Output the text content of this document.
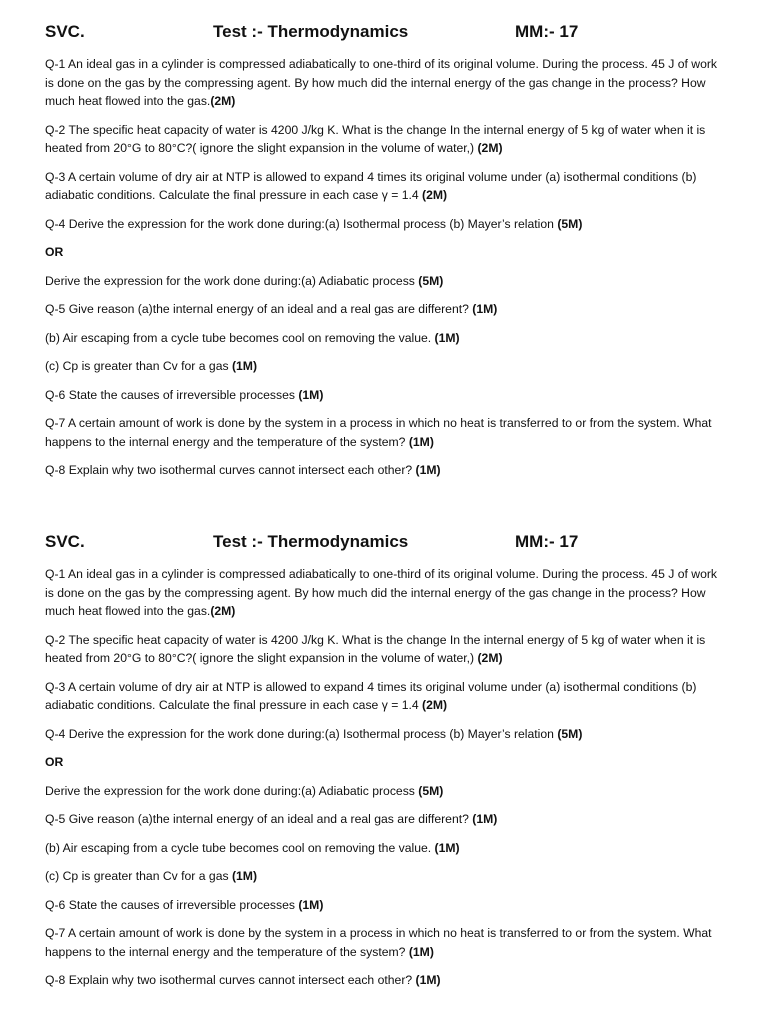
SVC.	Test :- Thermodynamics	MM:- 17

Q-1 An ideal gas in a cylinder is compressed adiabatically to one-third of its original volume. During the process. 45 J of work is done on the gas by the compressing agent. By how much did the internal energy of the gas change in the process? How much heat flowed into the gas.(2M)

Q-2 The specific heat capacity of water is 4200 J/kg K. What is the change In the internal energy of 5 kg of water when it is heated from 20°G to 80°C?( ignore the slight expansion in the volume of water,) (2M)

Q-3 A certain volume of dry air at NTP is allowed to expand 4 times its original volume under (a) isothermal conditions (b) adiabatic conditions. Calculate the final pressure in each case γ = 1.4 (2M)

Q-4 Derive the expression for the work done during:(a) Isothermal process (b) Mayer’s relation (5M)

OR

Derive the expression for the work done during:(a) Adiabatic process (5M)

Q-5 Give reason (a)the internal energy of an ideal and a real gas are different? (1M)

(b) Air escaping from a cycle tube becomes cool on removing the value. (1M)

(c) Cp is greater than Cv for a gas (1M)

Q-6 State the causes of irreversible processes (1M)

Q-7 A certain amount of work is done by the system in a process in which no heat is transferred to or from the system. What happens to the internal energy and the temperature of the system? (1M)

Q-8 Explain why two isothermal curves cannot intersect each other? (1M)

SVC.	Test :- Thermodynamics	MM:- 17

Q-1 An ideal gas in a cylinder is compressed adiabatically to one-third of its original volume. During the process. 45 J of work is done on the gas by the compressing agent. By how much did the internal energy of the gas change in the process? How much heat flowed into the gas.(2M)

Q-2 The specific heat capacity of water is 4200 J/kg K. What is the change In the internal energy of 5 kg of water when it is heated from 20°G to 80°C?( ignore the slight expansion in the volume of water,) (2M)

Q-3 A certain volume of dry air at NTP is allowed to expand 4 times its original volume under (a) isothermal conditions (b) adiabatic conditions. Calculate the final pressure in each case γ = 1.4 (2M)

Q-4 Derive the expression for the work done during:(a) Isothermal process (b) Mayer’s relation (5M)

OR

Derive the expression for the work done during:(a) Adiabatic process (5M)

Q-5 Give reason (a)the internal energy of an ideal and a real gas are different? (1M)

(b) Air escaping from a cycle tube becomes cool on removing the value. (1M)

(c) Cp is greater than Cv for a gas (1M)

Q-6 State the causes of irreversible processes (1M)

Q-7 A certain amount of work is done by the system in a process in which no heat is transferred to or from the system. What happens to the internal energy and the temperature of the system? (1M)

Q-8 Explain why two isothermal curves cannot intersect each other? (1M)
